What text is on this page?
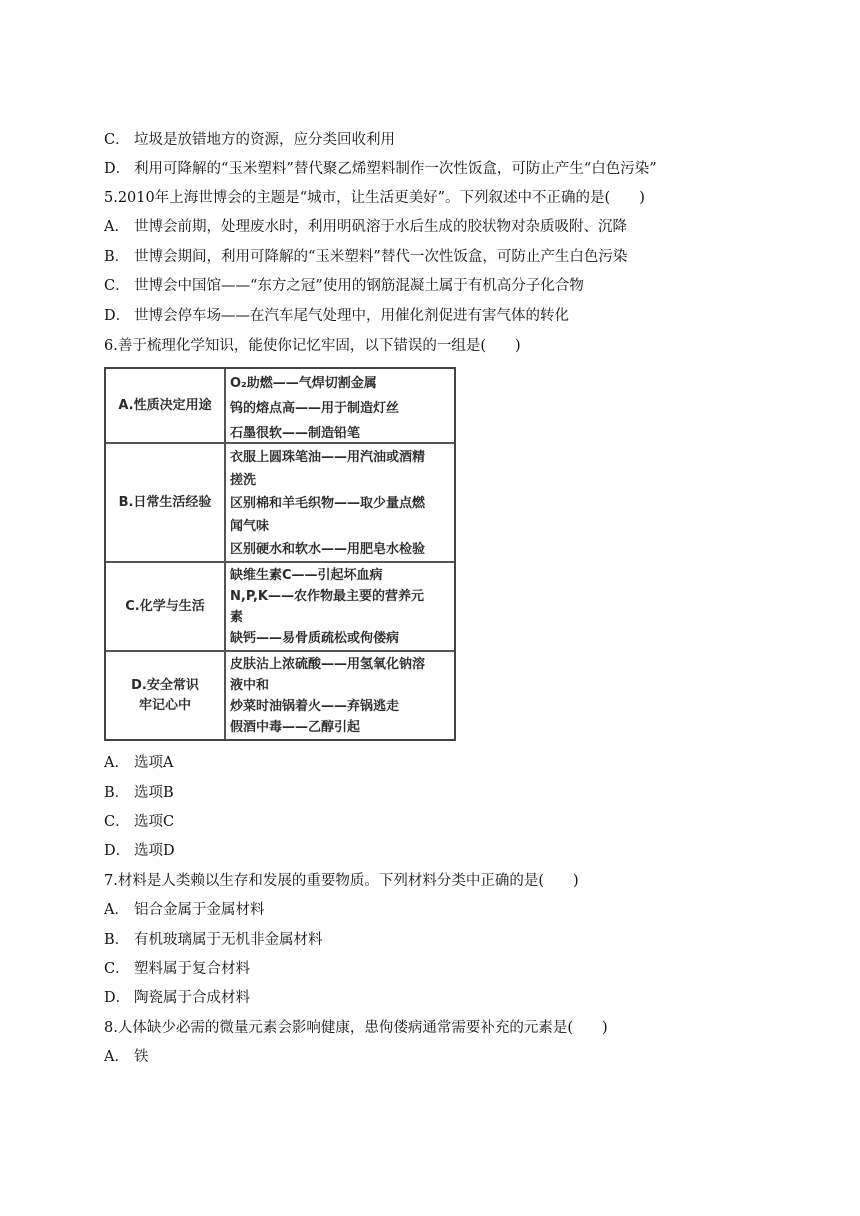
C． 垃圾是放错地方的资源，应分类回收利用
D． 利用可降解的“玉米塑料”替代聚乙烯塑料制作一次性饭盒，可防止产生“白色污染”
5.2010年上海世博会的主题是“城市，让生活更美好”。下列叙述中不正确的是(　　)
A． 世博会前期，处理废水时，利用明矾溶于水后生成的胶状物对杂质吸附、沉降
B． 世博会期间，利用可降解的“玉米塑料”替代一次性饭盒，可防止产生白色污染
C． 世博会中国馆——“东方之冠”使用的钢筋混凝土属于有机高分子化合物
D． 世博会停车场——在汽车尾气处理中，用催化剂促进有害气体的转化
6.善于梳理化学知识，能使你记忆牢固，以下错误的一组是(　　)
A.性质决定用途
O₂助燃——气焊切割金属
钨的熔点高——用于制造灯丝
石墨很软——制造铅笔
B.日常生活经验
衣服上圆珠笔油——用汽油或酒精
搓洗
区别棉和羊毛织物——取少量点燃
闻气味
区别硬水和软水——用肥皂水检验
C.化学与生活
缺维生素C——引起坏血病
N,P,K——农作物最主要的营养元
素
缺钙——易骨质疏松或佝偻病
D.安全常识
牢记心中
皮肤沾上浓硫酸——用氢氧化钠溶
液中和
炒菜时油锅着火——弃锅逃走
假酒中毒——乙醇引起
A． 选项A
B． 选项B
C． 选项C
D． 选项D
7.材料是人类赖以生存和发展的重要物质。下列材料分类中正确的是(　　)
A． 铝合金属于金属材料
B． 有机玻璃属于无机非金属材料
C． 塑料属于复合材料
D． 陶瓷属于合成材料
8.人体缺少必需的微量元素会影响健康，患佝偻病通常需要补充的元素是(　　)
A． 铁
